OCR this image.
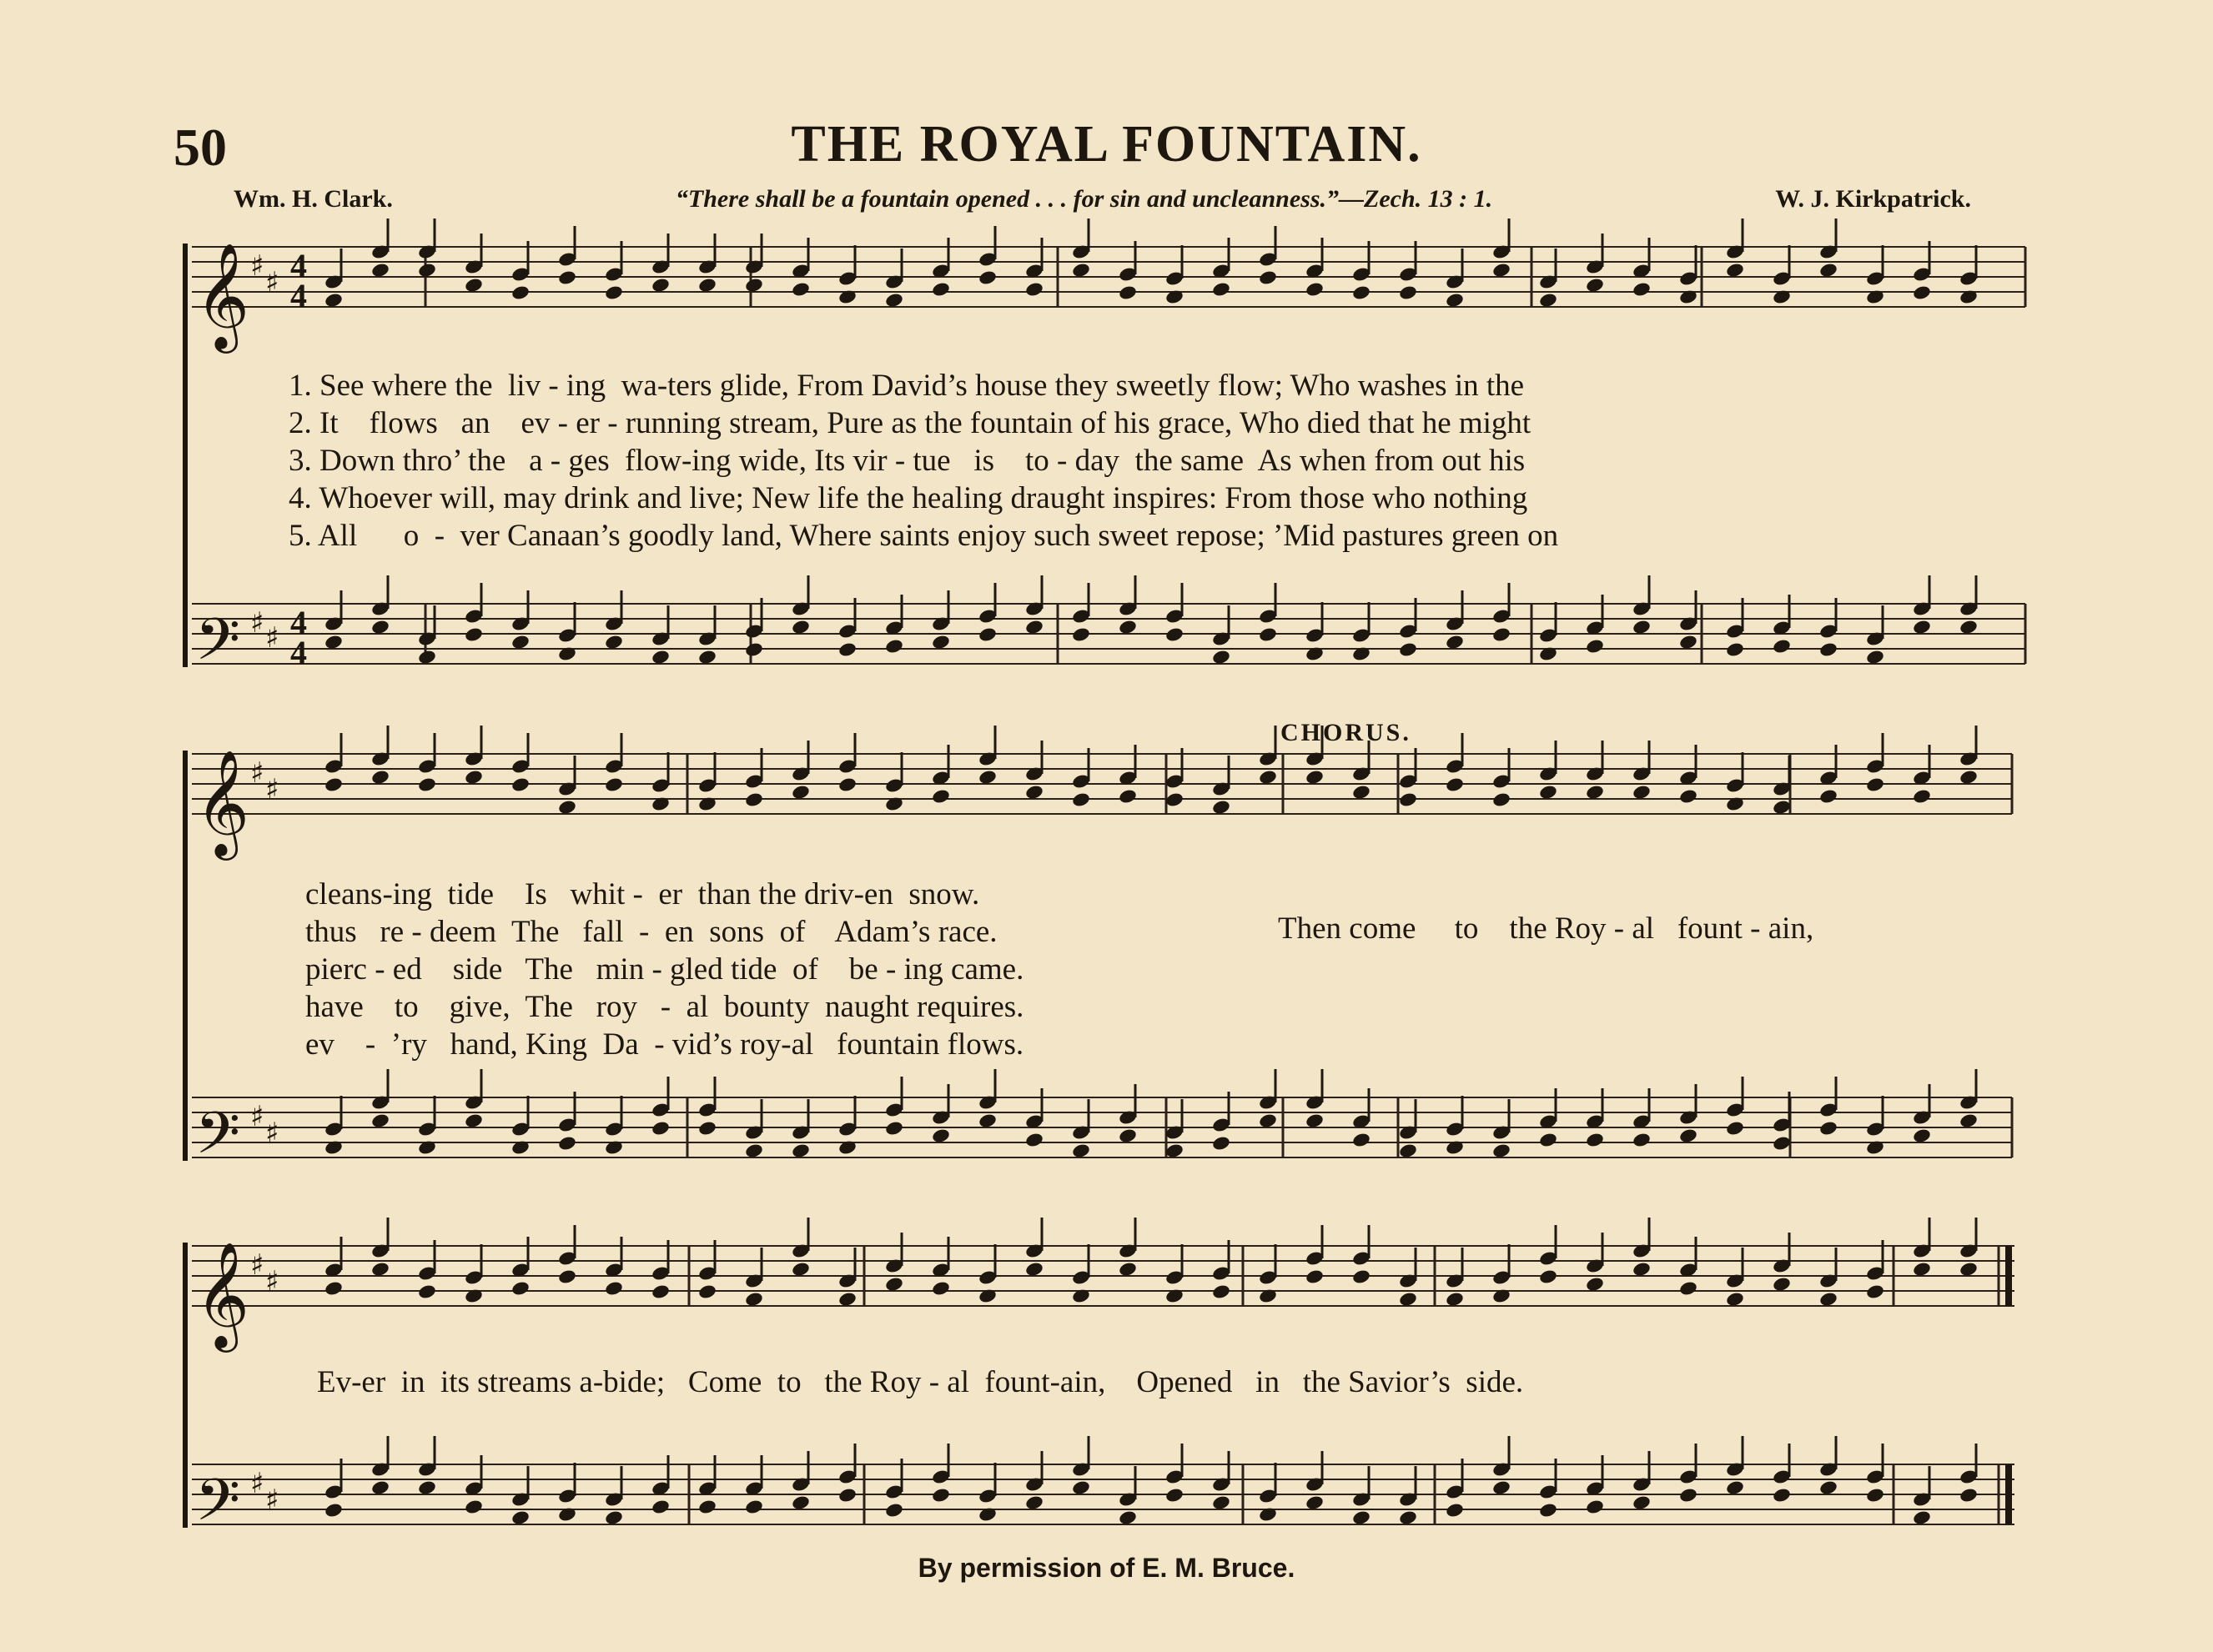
50	THE ROYAL FOUNTAIN.
Wm. H. Clark.	“There shall be a fountain opened . . . for sin and uncleanness.”—Zech. 13 : 1.	W. J. Kirkpatrick.
𝄞
𝄢
𝄞
𝄢
𝄞
𝄢
♯ ♯
♯ ♯
♯ ♯
♯ ♯
♯ ♯
♯ ♯
4
4
4
4
1. See where the  liv - ing  wa-ters glide, From David’s house they sweetly flow; Who washes in the
2. It    flows   an    ev - er - running stream, Pure as the fountain of his grace, Who died that he might
3. Down thro’ the   a - ges  flow-ing wide, Its vir - tue   is    to - day  the same  As when from out his
4. Whoever will, may drink and live; New life the healing draught inspires: From those who nothing
5. All      o  -  ver Canaan’s goodly land, Where saints enjoy such sweet repose; ’Mid pastures green on
cleans-ing  tide    Is   whit -  er  than the driv-en  snow.
thus   re - deem  The   fall  -  en  sons  of    Adam’s race.
pierc - ed    side   The   min - gled tide  of    be - ing came.
have    to    give,  The   roy   -  al  bounty  naught requires.
ev    -  ’ry   hand, King  Da  - vid’s roy-al   fountain flows.
CHORUS.
Then come     to    the Roy - al   fount - ain,
Ev-er  in  its streams a-bide;   Come  to   the Roy - al  fount-ain,    Opened   in   the Savior’s  side.
By permission of E. M. Bruce.
